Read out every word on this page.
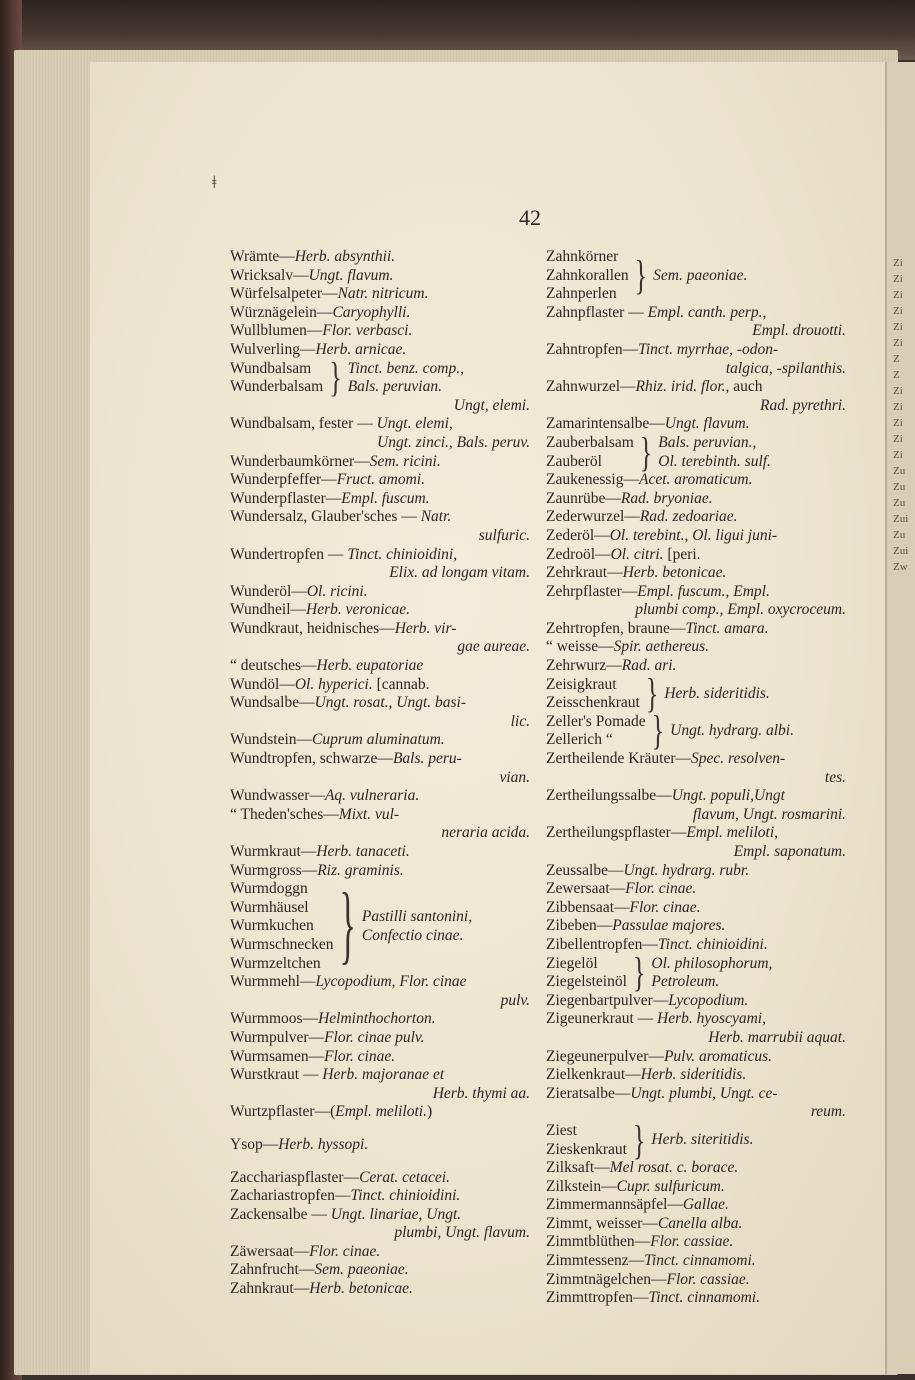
Zi
Zi
Zi
Zi
Zi
Zi
Z
Z
Zi
Zi
Zi
Zi
Zi
Zu
Zu
Zu
Zui
Zu
Zui
Zw
ǂ
42
Wrämte—Herb. absynthii.
Wricksalv—Ungt. flavum.
Würfelsalpeter—Natr. nitricum.
Würznägelein—Caryophylli.
Wullblumen—Flor. verbasci.
Wulverling—Herb. arnicae.
Wundbalsam
Wunderbalsam } Tinct. benz. comp.,
Bals. peruvian.
Ungt, elemi.
Wundbalsam, fester — Ungt. elemi,
Ungt. zinci., Bals. peruv.
Wunderbaumkörner—Sem. ricini.
Wunderpfeffer—Fruct. amomi.
Wunderpflaster—Empl. fuscum.
Wundersalz, Glauber'sches — Natr.
sulfuric.
Wundertropfen — Tinct. chinioidini,
Elix. ad longam vitam.
Wunderöl—Ol. ricini.
Wundheil—Herb. veronicae.
Wundkraut, heidnisches—Herb. vir-
gae aureae.
“ deutsches—Herb. eupatoriae
Wundöl—Ol. hyperici. [cannab.
Wundsalbe—Ungt. rosat., Ungt. basi-
lic.
Wundstein—Cuprum aluminatum.
Wundtropfen, schwarze—Bals. peru-
vian.
Wundwasser—Aq. vulneraria.
“ Theden'sches—Mixt. vul-
neraria acida.
Wurmkraut—Herb. tanaceti.
Wurmgross—Riz. graminis.
Wurmdoggn
Wurmhäusel
Wurmkuchen
Wurmschnecken
Wurmzeltchen } Pastilli santonini,
Confectio cinae.
Wurmmehl—Lycopodium, Flor. cinae
pulv.
Wurmmoos—Helminthochorton.
Wurmpulver—Flor. cinae pulv.
Wurmsamen—Flor. cinae.
Wurstkraut — Herb. majoranae et
Herb. thymi aa.
Wurtzpflaster—(Empl. meliloti.)
Ysop—Herb. hyssopi.
Zacchariaspflaster—Cerat. cetacei.
Zachariastropfen—Tinct. chinioidini.
Zackensalbe — Ungt. linariae, Ungt.
plumbi, Ungt. flavum.
Zäwersaat—Flor. cinae.
Zahnfrucht—Sem. paeoniae.
Zahnkraut—Herb. betonicae.
Zahnkörner
Zahnkorallen
Zahnperlen } Sem. paeoniae.
Zahnpflaster — Empl. canth. perp.,
Empl. drouotti.
Zahntropfen—Tinct. myrrhae, -odon-
talgica, -spilanthis.
Zahnwurzel—Rhiz. irid. flor., auch
Rad. pyrethri.
Zamarintensalbe—Ungt. flavum.
Zauberbalsam
Zauberöl	} Bals. peruvian.,
Ol. terebinth. sulf.
Zaukenessig—Acet. aromaticum.
Zaunrübe—Rad. bryoniae.
Zederwurzel—Rad. zedoariae.
Zederöl—Ol. terebint., Ol. ligui juni-
Zedroöl—Ol. citri. [peri.
Zehrkraut—Herb. betonicae.
Zehrpflaster—Empl. fuscum., Empl.
plumbi comp., Empl. oxycroceum.
Zehrtropfen, braune—Tinct. amara.
“ weisse—Spir. aethereus.
Zehrwurz—Rad. ari.
Zeisigkraut
Zeisschenkraut } Herb. sideritidis.
Zeller's Pomade
Zellerich “	} Ungt. hydrarg. albi.
Zertheilende Kräuter—Spec. resolven-
tes.
Zertheilungssalbe—Ungt. populi,Ungt
flavum, Ungt. rosmarini.
Zertheilungspflaster—Empl. meliloti,
Empl. saponatum.
Zeussalbe—Ungt. hydrarg. rubr.
Zewersaat—Flor. cinae.
Zibbensaat—Flor. cinae.
Zibeben—Passulae majores.
Zibellentropfen—Tinct. chinioidini.
Ziegelöl
Ziegelsteinöl } Ol. philosophorum,
Petroleum.
Ziegenbartpulver—Lycopodium.
Zigeunerkraut — Herb. hyoscyami,
Herb. marrubii aquat.
Ziegeunerpulver—Pulv. aromaticus.
Zielkenkraut—Herb. sideritidis.
Zieratsalbe—Ungt. plumbi, Ungt. ce-
reum.
Ziest
Zieskenkraut } Herb. siteritidis.
Zilksaft—Mel rosat. c. borace.
Zilkstein—Cupr. sulfuricum.
Zimmermannsäpfel—Gallae.
Zimmt, weisser—Canella alba.
Zimmtblüthen—Flor. cassiae.
Zimmtessenz—Tinct. cinnamomi.
Zimmtnägelchen—Flor. cassiae.
Zimmttropfen—Tinct. cinnamomi.
